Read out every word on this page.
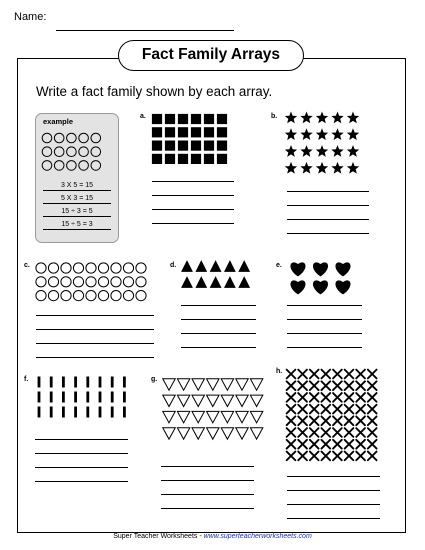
Name:
Fact Family Arrays
Write a fact family shown by each array.
example
3 X 5 = 15
5 X 3 = 15
15 ÷ 3 = 5
15 ÷ 5 = 3
a.	b.
c.	d.	e.
f.	g.
h.
Super Teacher Worksheets - www.superteacherworksheets.com
